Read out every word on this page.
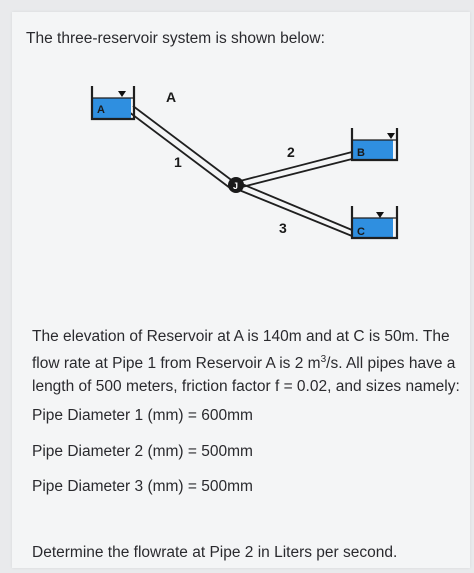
The three-reservoir system is shown below:

A
B
C
J
A
1
2
3

The elevation of Reservoir at A is 140m and at C is 50m. The
flow rate at Pipe 1 from Reservoir A is 2 $m^3/s$. All pipes have a
length of 500 meters, friction factor f = 0.02, and sizes namely:

Pipe Diameter 1 (mm) = 600mm

Pipe Diameter 2 (mm) = 500mm

Pipe Diameter 3 (mm) = 500mm

Determine the flowrate at Pipe 2 in Liters per second.
